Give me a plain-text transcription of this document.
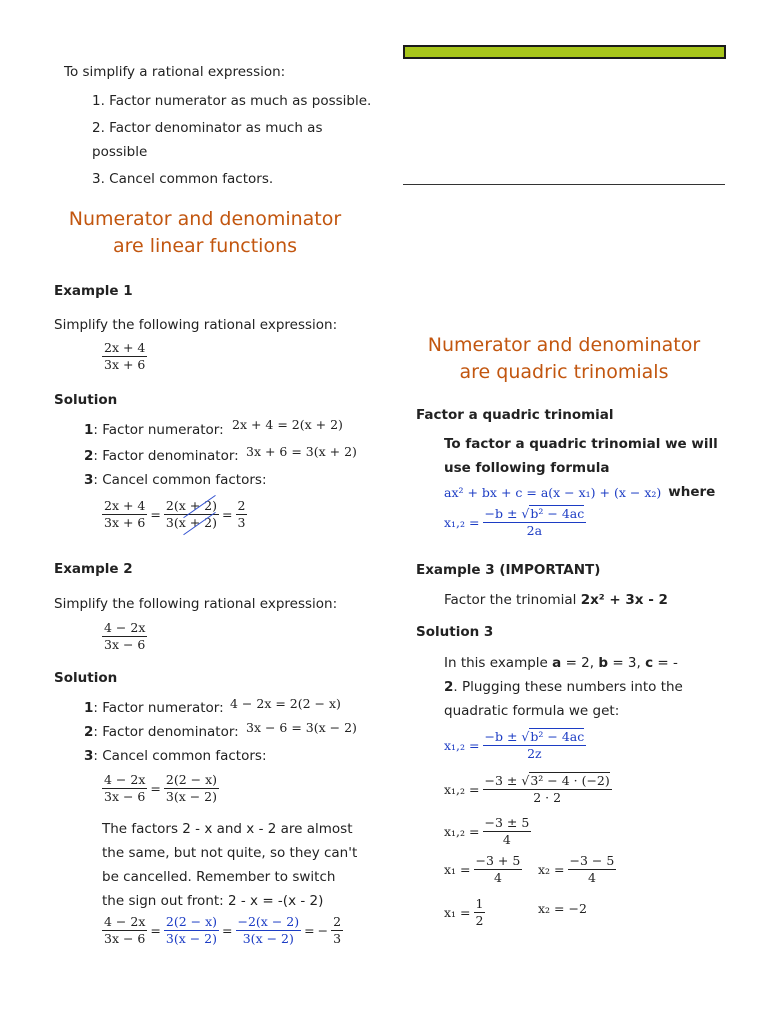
To simplify a rational expression:
1. Factor numerator as much as possible.
2. Factor denominator as much as
possible
3. Cancel common factors.
Numerator and denominator
are linear functions
Example 1
Simplify the following rational expression:
$\frac{2x + 4}{3x + 6}$
Solution
1: Factor numerator: 2x + 4 = 2(x + 2)
2: Factor denominator: 3x + 6 = 3(x + 2)
3: Cancel common factors:
$\frac{2x + 4}{3x + 6} = \frac{2(x + 2)}{3(x + 2)} = \frac{2}{3}$
Example 2
Simplify the following rational expression:
$\frac{4 - 2x}{3x - 6}$
Solution
1: Factor numerator: 4 − 2x = 2(2 − x)
2: Factor denominator: 3x − 6 = 3(x − 2)
3: Cancel common factors:
$\frac{4 - 2x}{3x - 6} = \frac{2(2 - x)}{3(x - 2)}$
The factors 2 - x and x - 2 are almost
the same, but not quite, so they can't
be cancelled. Remember to switch
the sign out front: 2 - x = -(x - 2)
$\frac{4 - 2x}{3x - 6} = \frac{2(2 - x)}{3(x - 2)} = \frac{-2(x - 2)}{3(x - 2)}$ = − $\frac{2}{3}$
Numerator and denominator
are quadric trinomials
Factor a quadric trinomial
To factor a quadric trinomial we will
use following formula
ax² + bx + c = a(x − x₁) + (x − x₂) where
$x_1,_2 = \frac{\text{−b ± √b² − 4ac}}{2a}$
Example 3 (IMPORTANT)
Factor the trinomial 2x² + 3x - 2
Solution 3
In this example a = 2, b = 3, c = -
2. Plugging these numbers into the
quadratic formula we get:
$x_1,_2 = \frac{\text{−b ± √b² − 4ac}}{2z}$
$x_1,_2 = \frac{\text{−3 ± √3² − 4 · (−2)}}{2 \cdot 2}$
$x_1,_2 = \frac{-3 \pm 5}{4}$
$x_1 = \frac{-3 + 5}{4} x_2 = \frac{-3 - 5}{4}$
$x_1 = \frac{1}{2}$	x₂ = −2
